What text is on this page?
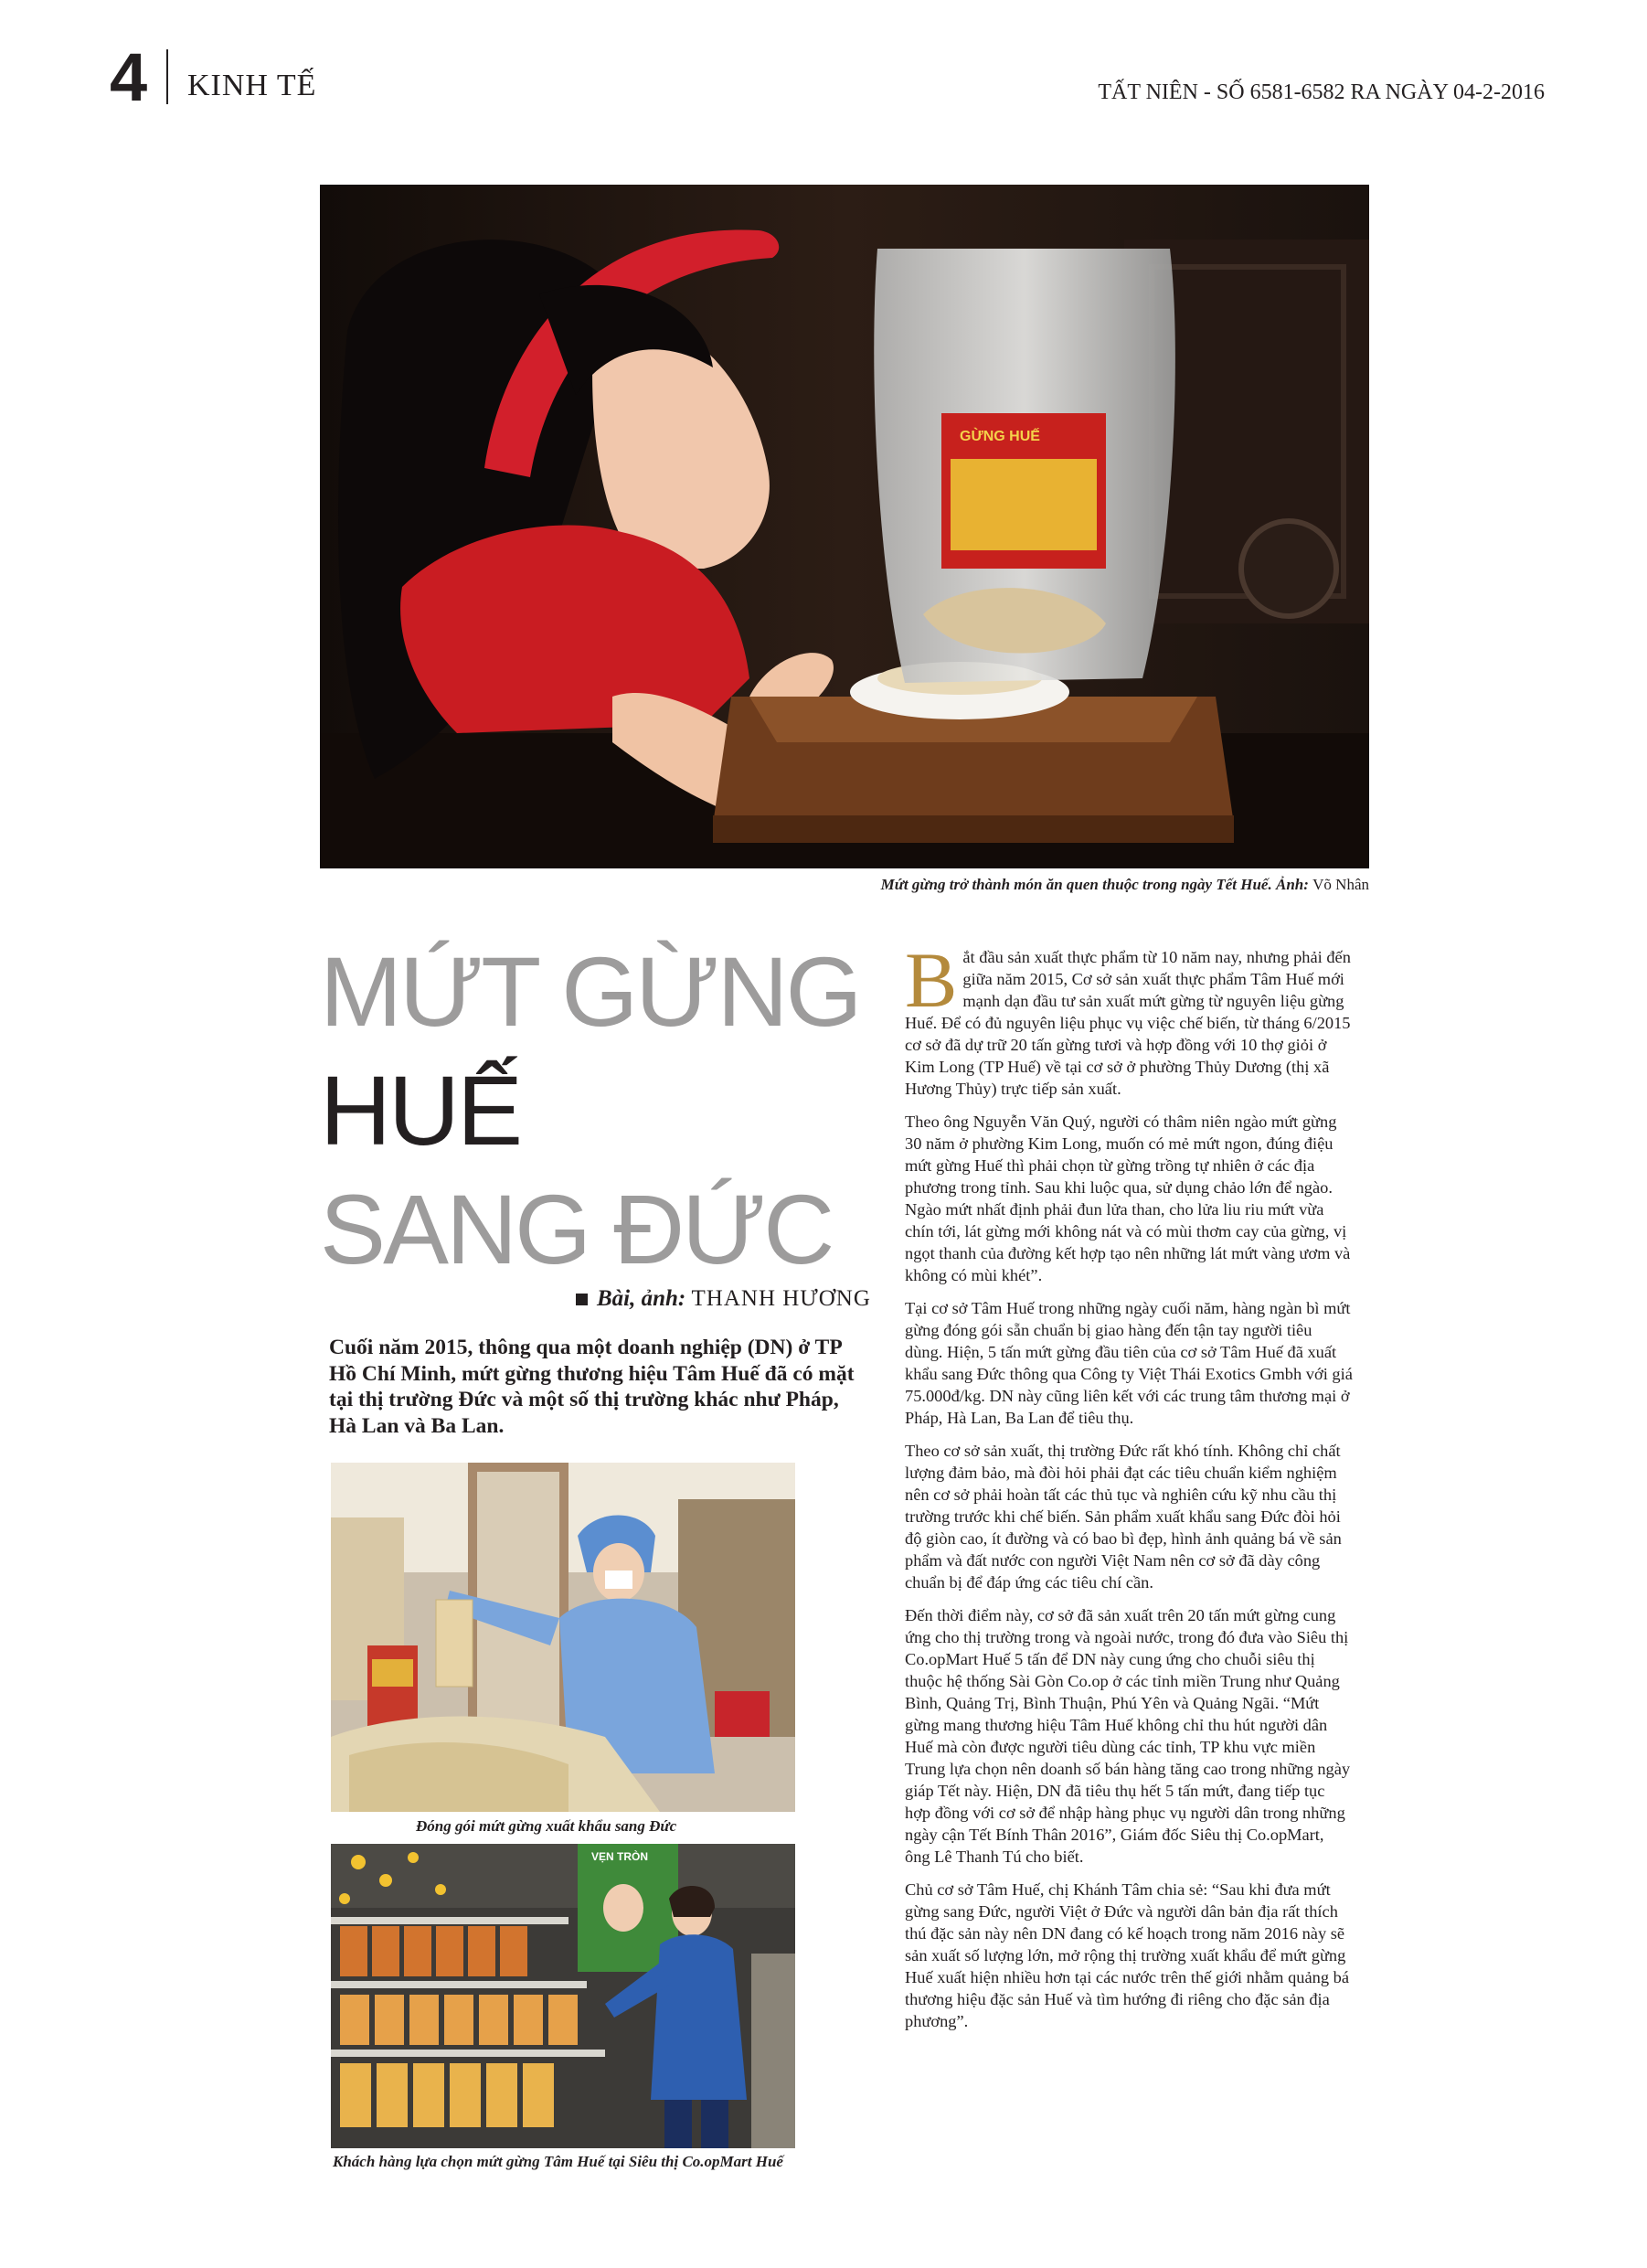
4 KINH TẾ	TẤT NIÊN - SỐ 6581-6582 RA NGÀY 04-2-2016
GỪNG HUẾ
Mứt gừng trở thành món ăn quen thuộc trong ngày Tết Huế. Ảnh: Võ Nhân
MỨT GỪNG
HUẾ
SANG ĐỨC
Bài, ảnh: THANH HƯƠNG
Cuối năm 2015, thông qua một doanh nghiệp (DN) ở TP Hồ Chí Minh, mứt gừng thương hiệu Tâm Huế đã có mặt tại thị trường Đức và một số thị trường khác như Pháp, Hà Lan và Ba Lan.
Đóng gói mứt gừng xuất khẩu sang Đức
VẸN TRÒN
Khách hàng lựa chọn mứt gừng Tâm Huế tại Siêu thị Co.opMart Huế

Bắt đầu sản xuất thực phẩm từ 10 năm nay, nhưng phải đến giữa năm 2015, Cơ sở sản xuất thực phẩm Tâm Huế mới mạnh dạn đầu tư sản xuất mứt gừng từ nguyên liệu gừng Huế. Để có đủ nguyên liệu phục vụ việc chế biến, từ tháng 6/2015 cơ sở đã dự trữ 20 tấn gừng tươi và hợp đồng với 10 thợ giỏi ở Kim Long (TP Huế) về tại cơ sở ở phường Thủy Dương (thị xã Hương Thủy) trực tiếp sản xuất.

Theo ông Nguyễn Văn Quý, người có thâm niên ngào mứt gừng 30 năm ở phường Kim Long, muốn có mẻ mứt ngon, đúng điệu mứt gừng Huế thì phải chọn từ gừng trồng tự nhiên ở các địa phương trong tỉnh. Sau khi luộc qua, sử dụng chảo lớn để ngào. Ngào mứt nhất định phải đun lửa than, cho lửa liu riu mứt vừa chín tới, lát gừng mới không nát và có mùi thơm cay của gừng, vị ngọt thanh của đường kết hợp tạo nên những lát mứt vàng ươm và không có mùi khét”.

Tại cơ sở Tâm Huế trong những ngày cuối năm, hàng ngàn bì mứt gừng đóng gói sẵn chuẩn bị giao hàng đến tận tay người tiêu dùng. Hiện, 5 tấn mứt gừng đầu tiên của cơ sở Tâm Huế đã xuất khẩu sang Đức thông qua Công ty Việt Thái Exotics Gmbh với giá 75.000đ/kg. DN này cũng liên kết với các trung tâm thương mại ở Pháp, Hà Lan, Ba Lan để tiêu thụ.

Theo cơ sở sản xuất, thị trường Đức rất khó tính. Không chỉ chất lượng đảm bảo, mà đòi hỏi phải đạt các tiêu chuẩn kiểm nghiệm nên cơ sở phải hoàn tất các thủ tục và nghiên cứu kỹ nhu cầu thị trường trước khi chế biến. Sản phẩm xuất khẩu sang Đức đòi hỏi độ giòn cao, ít đường và có bao bì đẹp, hình ảnh quảng bá về sản phẩm và đất nước con người Việt Nam nên cơ sở đã dày công chuẩn bị để đáp ứng các tiêu chí cần.

Đến thời điểm này, cơ sở đã sản xuất trên 20 tấn mứt gừng cung ứng cho thị trường trong và ngoài nước, trong đó đưa vào Siêu thị Co.opMart Huế 5 tấn để DN này cung ứng cho chuỗi siêu thị thuộc hệ thống Sài Gòn Co.op ở các tỉnh miền Trung như Quảng Bình, Quảng Trị, Bình Thuận, Phú Yên và Quảng Ngãi. “Mứt gừng mang thương hiệu Tâm Huế không chỉ thu hút người dân Huế mà còn được người tiêu dùng các tỉnh, TP khu vực miền Trung lựa chọn nên doanh số bán hàng tăng cao trong những ngày giáp Tết này. Hiện, DN đã tiêu thụ hết 5 tấn mứt, đang tiếp tục hợp đồng với cơ sở để nhập hàng phục vụ người dân trong những ngày cận Tết Bính Thân 2016”, Giám đốc Siêu thị Co.opMart, ông Lê Thanh Tú cho biết.

Chủ cơ sở Tâm Huế, chị Khánh Tâm chia sẻ: “Sau khi đưa mứt gừng sang Đức, người Việt ở Đức và người dân bản địa rất thích thú đặc sản này nên DN đang có kế hoạch trong năm 2016 này sẽ sản xuất số lượng lớn, mở rộng thị trường xuất khẩu để mứt gừng Huế xuất hiện nhiều hơn tại các nước trên thế giới nhằm quảng bá thương hiệu đặc sản Huế và tìm hướng đi riêng cho đặc sản địa phương”.
